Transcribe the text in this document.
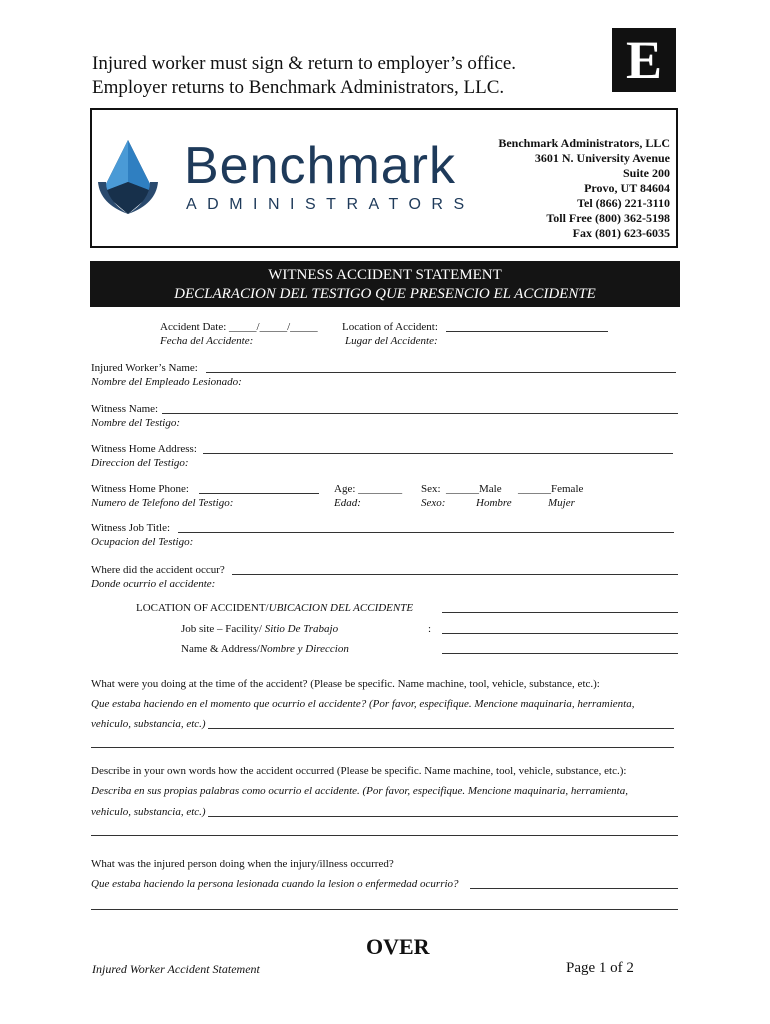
Injured worker must sign & return to employer’s office.
Employer returns to Benchmark Administrators, LLC. E
Benchmark
ADMINISTRATORS
Benchmark Administrators, LLC
3601 N. University Avenue
Suite 200
Provo, UT 84604
Tel (866) 221-3110
Toll Free (800) 362-5198
Fax (801) 623-6035
WITNESS ACCIDENT STATEMENT
DECLARACION DEL TESTIGO QUE PRESENCIO EL ACCIDENTE
Accident Date: _____/_____/_____
Fecha del Accidente:
Location of Accident:
Lugar del Accidente:
Injured Worker’s Name:
Nombre del Empleado Lesionado:
Witness Name:
Nombre del Testigo:
Witness Home Address:
Direccion del Testigo:
Witness Home Phone:
Numero de Telefono del Testigo:
Age: ________
Edad:
Sex:
Sexo:
______Male
Hombre
______Female
Mujer
Witness Job Title:
Ocupacion del Testigo:
Where did the accident occur?
Donde ocurrio el accidente:
LOCATION OF ACCIDENT/UBICACION DEL ACCIDENTE
Job site – Facility/ Sitio De Trabajo	:
Name & Address/Nombre y Direccion
What were you doing at the time of the accident? (Please be specific. Name machine, tool, vehicle, substance, etc.):
Que estaba haciendo en el momento que ocurrio el accidente? (Por favor, especifique. Mencione maquinaria, herramienta,
vehiculo, substancia, etc.)
Describe in your own words how the accident occurred (Please be specific. Name machine, tool, vehicle, substance, etc.):
Describa en sus propias palabras como ocurrio el accidente. (Por favor, especifique. Mencione maquinaria, herramienta,
vehiculo, substancia, etc.)
What was the injured person doing when the injury/illness occurred?
Que estaba haciendo la persona lesionada cuando la lesion o enfermedad ocurrio?
OVER
Injured Worker Accident Statement	Page 1 of 2
